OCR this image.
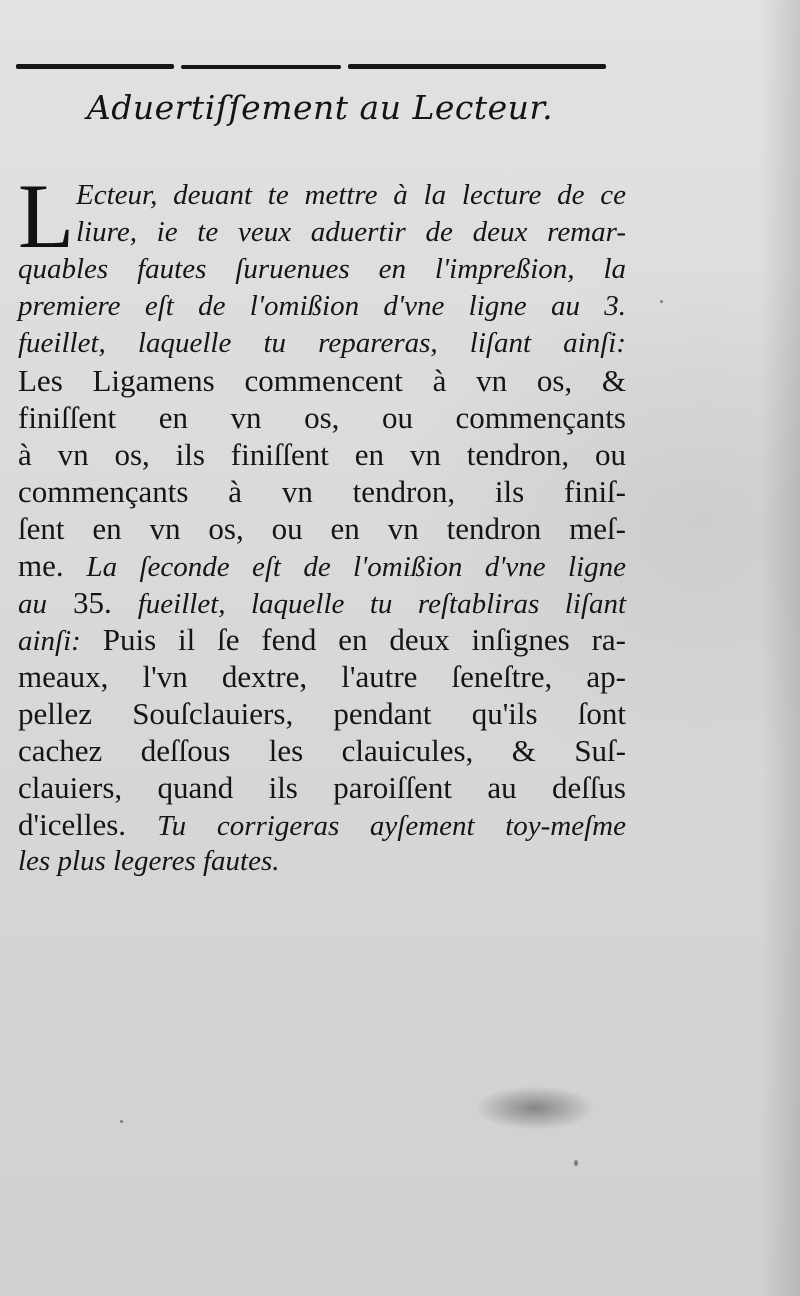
Aduertiſſement au Lecteur.
L Ecteur, deuant te mettre à la lecture de ce
liure, ie te veux aduertir de deux remar-
quables fautes ſuruenues en l'impreßion, la
premiere eſt de l'omißion d'vne ligne au 3.
fueillet, laquelle tu repareras, liſant ainſi:
Les Ligamens commencent à vn os, &
finiſſent en vn os, ou commençants
à vn os, ils finiſſent en vn tendron, ou
commençants à vn tendron, ils finiſ-
ſent en vn os, ou en vn tendron meſ-
me. La ſeconde eſt de l'omißion d'vne ligne
au 35. fueillet, laquelle tu reſtabliras liſant
ainſi: Puis il ſe fend en deux inſignes ra-
meaux, l'vn dextre, l'autre ſeneſtre, ap-
pellez Souſclauiers, pendant qu'ils ſont
cachez deſſous les clauicules, & Suſ-
clauiers, quand ils paroiſſent au deſſus
d'icelles. Tu corrigeras ayſement toy-meſme
les plus legeres fautes.
